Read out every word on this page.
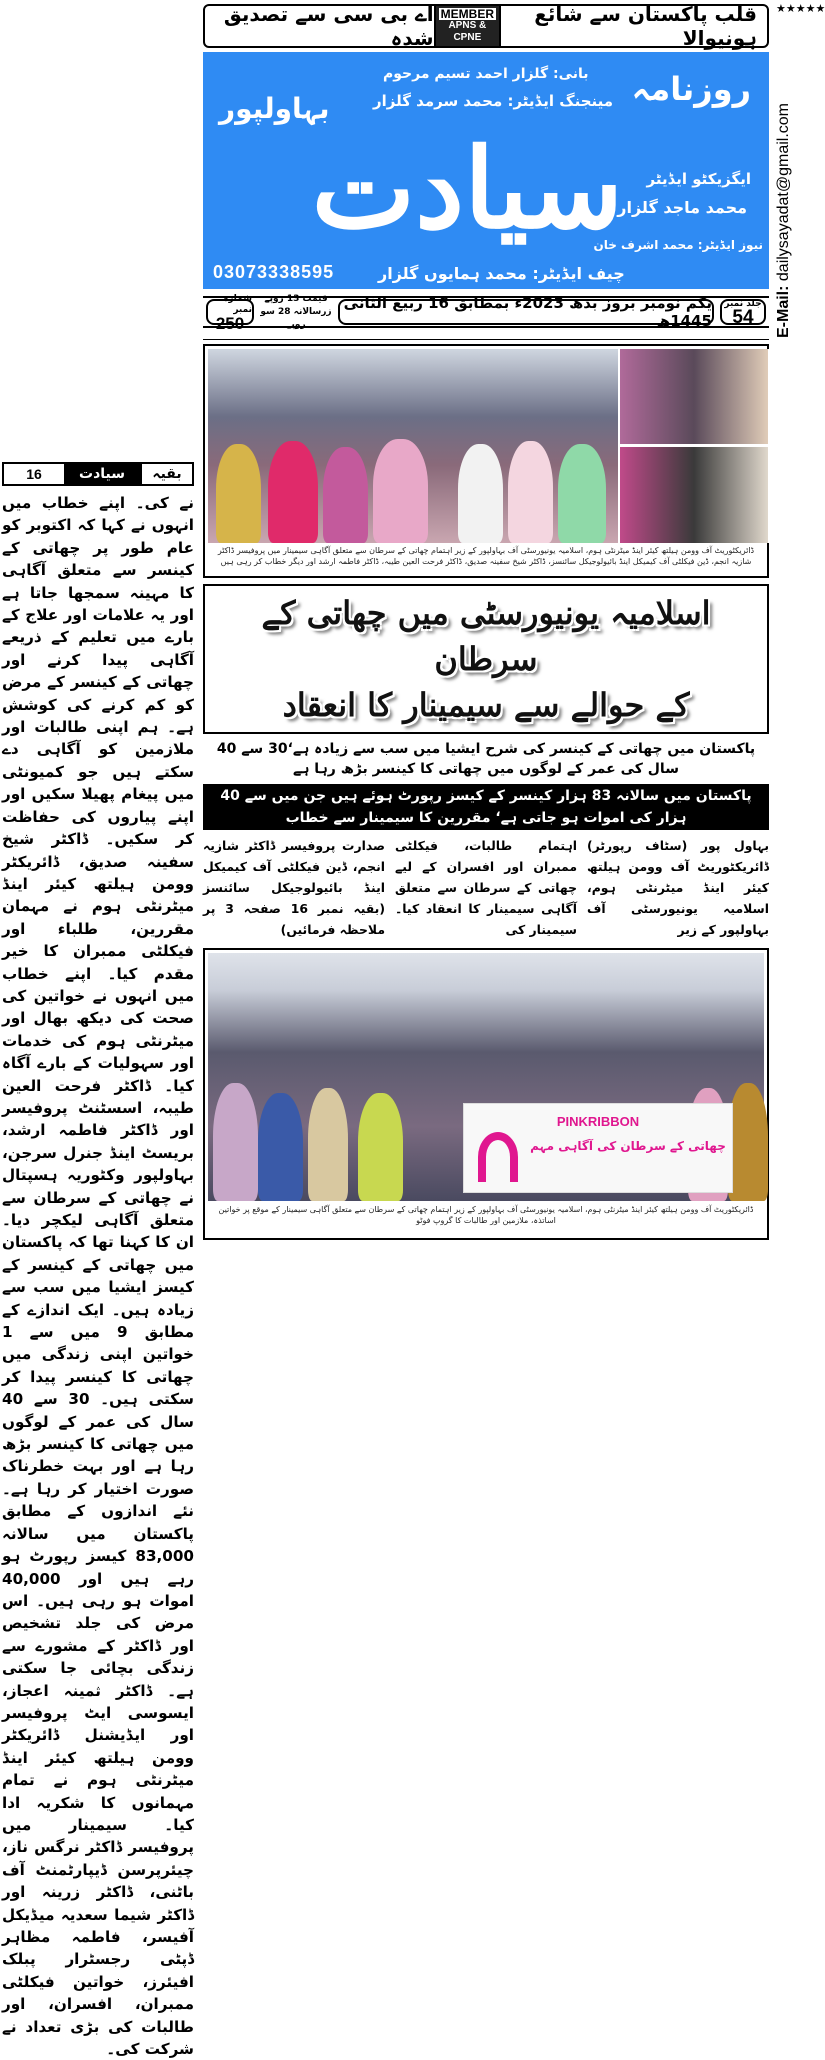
اے بی سی سے تصدیق شدہ
MEMBER
APNS & CPNE
قلب پاکستان سے شائع ہونیوالا
★★★★★
E-Mail: dailysayadat@gmail.com
بانی: گلزار احمد تسیم مرحوم
مینجنگ ایڈیٹر: محمد سرمد گلزار روزنامہ
بہاولپور
سیادت ایگزیکٹو ایڈیٹر
محمد ماجد گلزار
نیوز ایڈیٹر: محمد اشرف خان
چیف ایڈیٹر: محمد ہمایوں گلزار
03073338595
شمارہ نمبر
250
قیمت 13 روپے
زرسالانہ 28 سو روپے
یکم نومبر بروز بدھ 2023ء بمطابق 16 ربیع الثانی 1445ھ
جلد نمبر
54
ڈائریکٹوریٹ آف وومن ہیلتھ کیئر اینڈ میٹرنٹی ہوم، اسلامیہ یونیورسٹی آف بہاولپور کے زیر اہتمام چھاتی کے سرطان سے متعلق آگاہی سیمینار میں پروفیسر ڈاکٹر شازیہ انجم، ڈین فیکلٹی آف کیمیکل اینڈ بائیولوجیکل سائنسز، ڈاکٹر شیخ سفینہ صدیق، ڈاکٹر فرحت العین طیبہ، ڈاکٹر فاطمہ ارشد اور دیگر خطاب کر رہی ہیں
اسلامیہ یونیورسٹی میں چھاتی کے سرطان
کے حوالے سے سیمینار کا انعقاد
پاکستان میں چھاتی کے کینسر کی شرح ایشیا میں سب سے زیادہ ہے‘30 سے 40 سال کی عمر کے لوگوں میں چھاتی کا کینسر بڑھ رہا ہے
پاکستان میں سالانہ 83 ہزار کینسر کے کیسز رپورٹ ہوئے ہیں جن میں سے 40 ہزار کی اموات ہو جاتی ہے‘ مقررین کا سیمینار سے خطاب

بہاول پور (سٹاف رپورٹر) ڈائریکٹوریٹ آف وومن ہیلتھ کیئر اینڈ میٹرنٹی ہوم، اسلامیہ یونیورسٹی آف بہاولپور کے زیر

اہتمام طالبات، فیکلٹی ممبران اور افسران کے لیے چھاتی کے سرطان سے متعلق آگاہی سیمینار کا انعقاد کیا۔ سیمینار کی

صدارت پروفیسر ڈاکٹر شازیہ انجم، ڈین فیکلٹی آف کیمیکل اینڈ بائیولوجیکل سائنسز (بقیہ نمبر 16 صفحہ 3 پر ملاحظہ فرمائیں)

PINKRIBBON
چھاتی کے سرطان کی آگاہی مہم
ڈائریکٹوریٹ آف وومن ہیلتھ کیئر اینڈ میٹرنٹی ہوم، اسلامیہ یونیورسٹی آف بہاولپور کے زیر اہتمام چھاتی کے سرطان سے متعلق آگاہی سیمینار کے موقع پر خواتین اساتذہ، ملازمین اور طالبات کا گروپ فوٹو
بقیہ
سیادت
16

نے کی۔ اپنے خطاب میں انہوں نے کہا کہ اکتوبر کو عام طور پر چھاتی کے کینسر سے متعلق آگاہی کا مہینہ سمجھا جاتا ہے اور یہ علامات اور علاج کے بارے میں تعلیم کے ذریعے آگاہی پیدا کرنے اور چھاتی کے کینسر کے مرض کو کم کرنے کی کوشش ہے۔ ہم اپنی طالبات اور ملازمین کو آگاہی دے سکتے ہیں جو کمیونٹی میں پیغام پھیلا سکیں اور اپنے پیاروں کی حفاظت کر سکیں۔ ڈاکٹر شیخ سفینہ صدیق، ڈائریکٹر وومن ہیلتھ کیئر اینڈ میٹرنٹی ہوم نے مہمان مقررین، طلباء اور فیکلٹی ممبران کا خیر مقدم کیا۔ اپنے خطاب میں انہوں نے خواتین کی صحت کی دیکھ بھال اور میٹرنٹی ہوم کی خدمات اور سہولیات کے بارے آگاہ کیا۔ ڈاکٹر فرحت العین طیبہ، اسسٹنٹ پروفیسر اور ڈاکٹر فاطمہ ارشد، بریسٹ اینڈ جنرل سرجن، بہاولپور وکٹوریہ ہسپتال نے چھاتی کے سرطان سے متعلق آگاہی لیکچر دیا۔ ان کا کہنا تھا کہ پاکستان میں چھاتی کے کینسر کے کیسز ایشیا میں سب سے زیادہ ہیں۔ ایک اندازے کے مطابق 9 میں سے 1 خواتین اپنی زندگی میں چھاتی کا کینسر پیدا کر سکتی ہیں۔ 30 سے 40 سال کی عمر کے لوگوں میں چھاتی کا کینسر بڑھ رہا ہے اور بہت خطرناک صورت اختیار کر رہا ہے۔ نئے اندازوں کے مطابق پاکستان میں سالانہ 83,000 کیسز رپورٹ ہو رہے ہیں اور 40,000 اموات ہو رہی ہیں۔ اس مرض کی جلد تشخیص اور ڈاکٹر کے مشورے سے زندگی بچائی جا سکتی ہے۔ ڈاکٹر ثمینہ اعجاز، ایسوسی ایٹ پروفیسر اور ایڈیشنل ڈائریکٹر وومن ہیلتھ کیئر اینڈ میٹرنٹی ہوم نے تمام مہمانوں کا شکریہ ادا کیا۔ سیمینار میں پروفیسر ڈاکٹر نرگس ناز، چیئرپرسن ڈیپارٹمنٹ آف باٹنی، ڈاکٹر زرینہ اور ڈاکٹر شیما سعدیہ میڈیکل آفیسر، فاطمہ مظاہر ڈپٹی رجسٹرار پبلک افیئرز، خواتین فیکلٹی ممبران، افسران، اور طالبات کی بڑی تعداد نے شرکت کی۔
